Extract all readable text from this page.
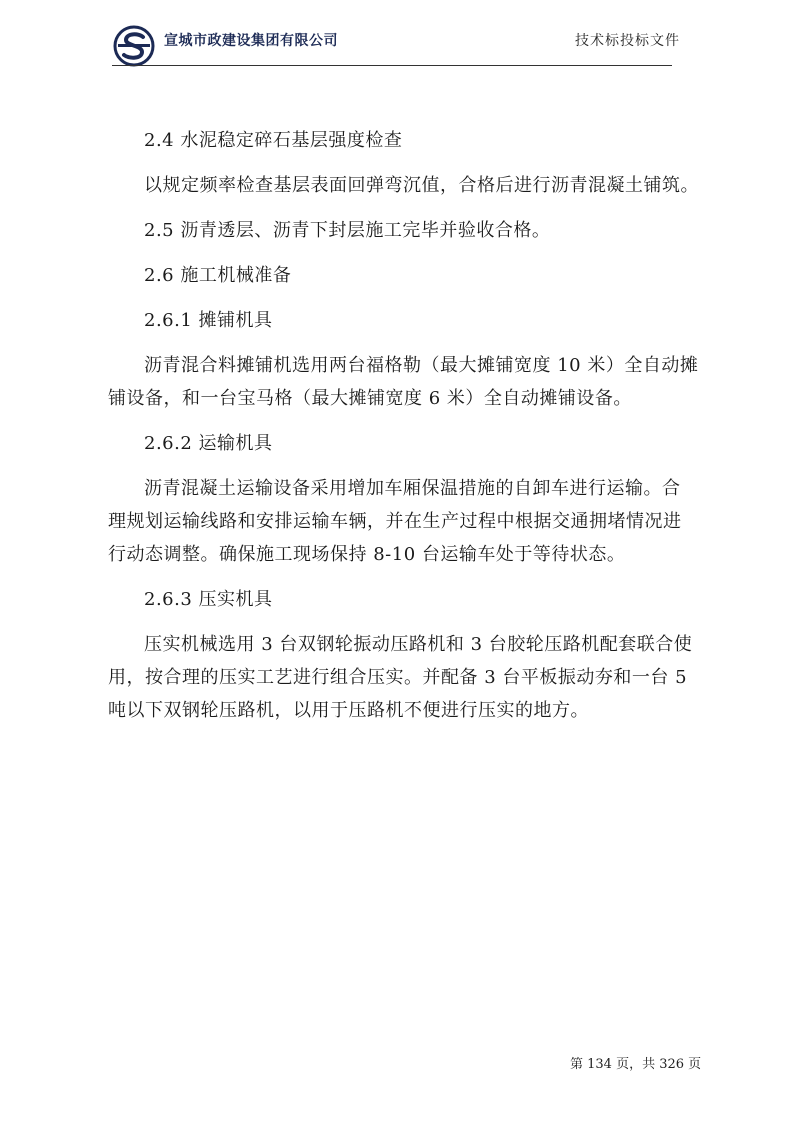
宣城市政建设集团有限公司	技术标投标文件
2.4 水泥稳定碎石基层强度检查
以规定频率检查基层表面回弹弯沉值，合格后进行沥青混凝土铺筑。
2.5 沥青透层、沥青下封层施工完毕并验收合格。
2.6 施工机械准备
2.6.1 摊铺机具
沥青混合料摊铺机选用两台福格勒（最大摊铺宽度 10 米）全自动摊
铺设备，和一台宝马格（最大摊铺宽度 6 米）全自动摊铺设备。
2.6.2 运输机具
沥青混凝土运输设备采用增加车厢保温措施的自卸车进行运输。合
理规划运输线路和安排运输车辆，并在生产过程中根据交通拥堵情况进
行动态调整。确保施工现场保持 8-10 台运输车处于等待状态。
2.6.3 压实机具
压实机械选用 3 台双钢轮振动压路机和 3 台胶轮压路机配套联合使
用，按合理的压实工艺进行组合压实。并配备 3 台平板振动夯和一台 5
吨以下双钢轮压路机，以用于压路机不便进行压实的地方。
第 134 页，共 326 页
